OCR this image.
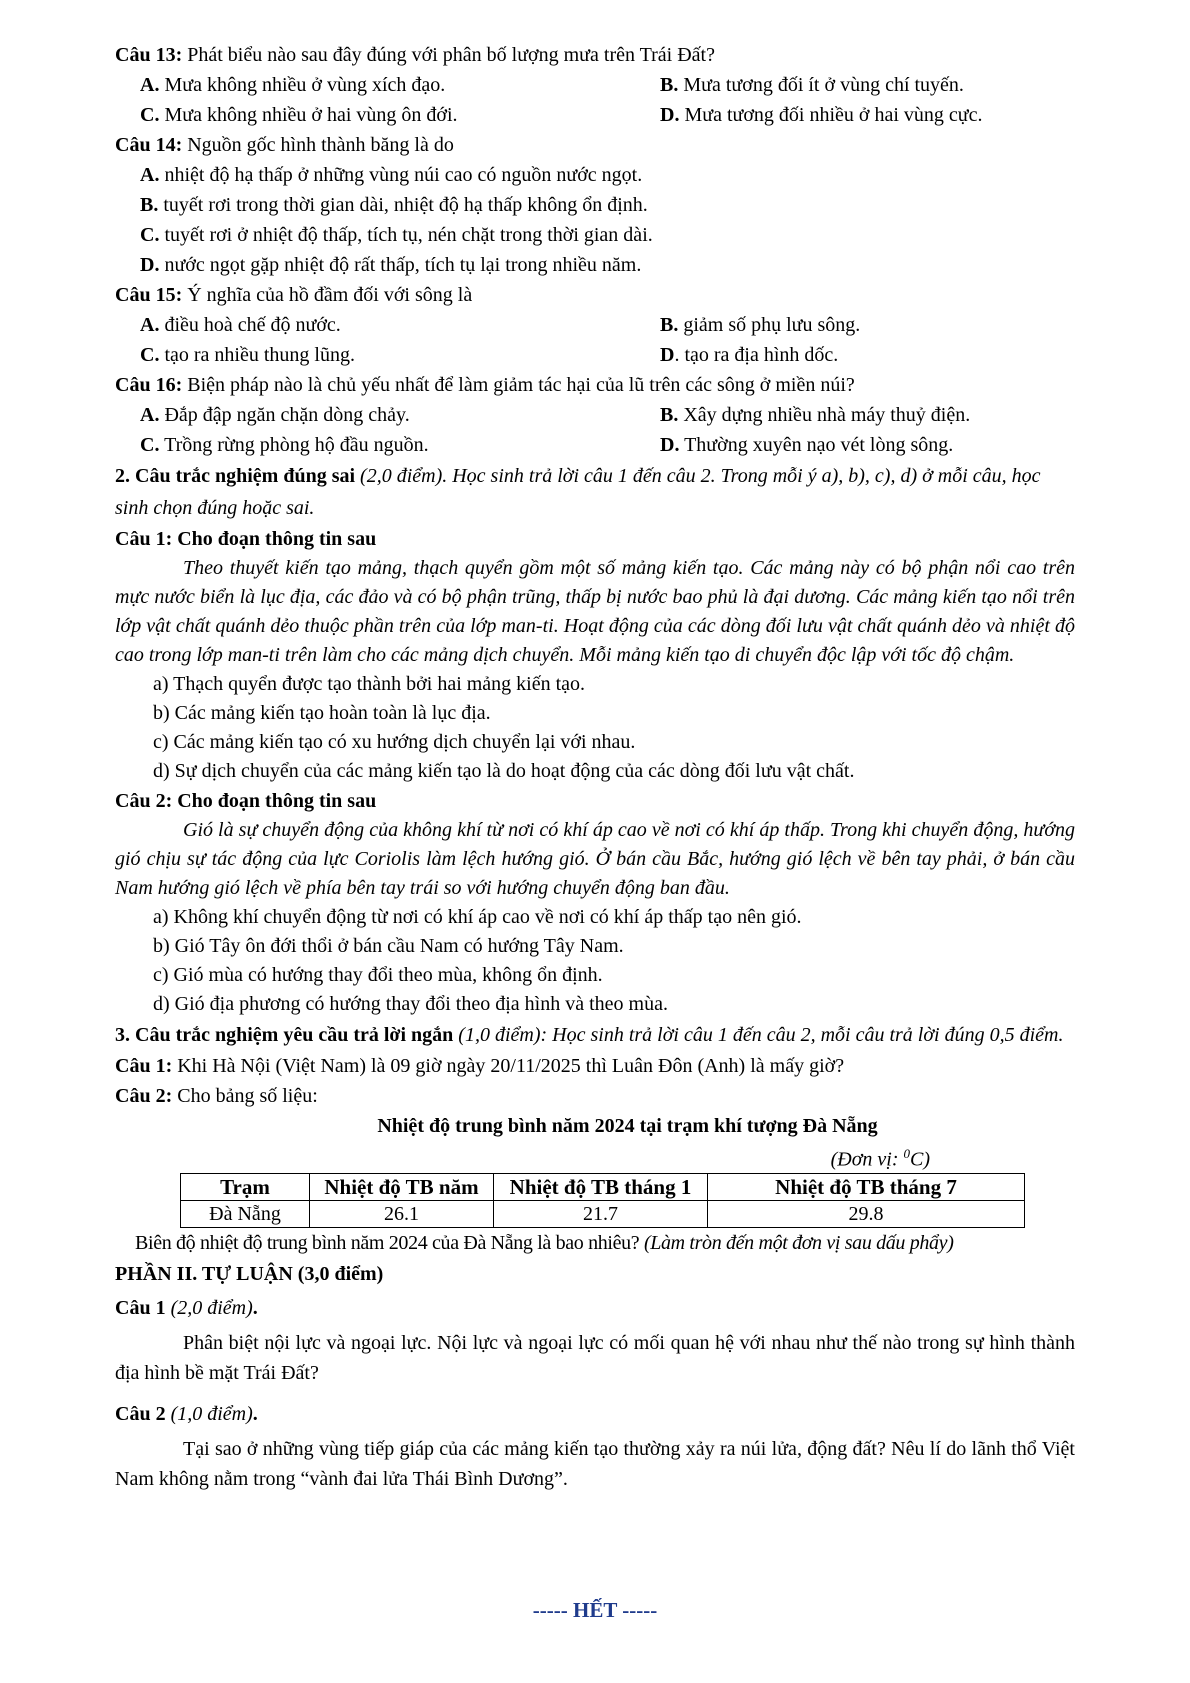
Câu 13: Phát biểu nào sau đây đúng với phân bố lượng mưa trên Trái Đất?
A. Mưa không nhiều ở vùng xích đạo.	B. Mưa tương đối ít ở vùng chí tuyến.
C. Mưa không nhiều ở hai vùng ôn đới.	D. Mưa tương đối nhiều ở hai vùng cực.
Câu 14: Nguồn gốc hình thành băng là do
A. nhiệt độ hạ thấp ở những vùng núi cao có nguồn nước ngọt.
B. tuyết rơi trong thời gian dài, nhiệt độ hạ thấp không ổn định.
C. tuyết rơi ở nhiệt độ thấp, tích tụ, nén chặt trong thời gian dài.
D. nước ngọt gặp nhiệt độ rất thấp, tích tụ lại trong nhiều năm.
Câu 15: Ý nghĩa của hồ đầm đối với sông là
A. điều hoà chế độ nước.	B. giảm số phụ lưu sông.
C. tạo ra nhiều thung lũng.	D. tạo ra địa hình dốc.
Câu 16: Biện pháp nào là chủ yếu nhất để làm giảm tác hại của lũ trên các sông ở miền núi?
A. Đắp đập ngăn chặn dòng chảy.	B. Xây dựng nhiều nhà máy thuỷ điện.
C. Trồng rừng phòng hộ đầu nguồn.	D. Thường xuyên nạo vét lòng sông.
2. Câu trắc nghiệm đúng sai (2,0 điểm). Học sinh trả lời câu 1 đến câu 2. Trong mỗi ý a), b), c), d) ở mỗi câu, học sinh chọn đúng hoặc sai.
Câu 1: Cho đoạn thông tin sau
Theo thuyết kiến tạo mảng, thạch quyển gồm một số mảng kiến tạo. Các mảng này có bộ phận nổi cao trên mực nước biển là lục địa, các đảo và có bộ phận trũng, thấp bị nước bao phủ là đại dương. Các mảng kiến tạo nổi trên lớp vật chất quánh dẻo thuộc phần trên của lớp man-ti. Hoạt động của các dòng đối lưu vật chất quánh dẻo và nhiệt độ cao trong lớp man-ti trên làm cho các mảng dịch chuyển. Mỗi mảng kiến tạo di chuyển độc lập với tốc độ chậm.
a) Thạch quyển được tạo thành bởi hai mảng kiến tạo.
b) Các mảng kiến tạo hoàn toàn là lục địa.
c) Các mảng kiến tạo có xu hướng dịch chuyển lại với nhau.
d) Sự dịch chuyển của các mảng kiến tạo là do hoạt động của các dòng đối lưu vật chất.
Câu 2: Cho đoạn thông tin sau
Gió là sự chuyển động của không khí từ nơi có khí áp cao về nơi có khí áp thấp. Trong khi chuyển động, hướng gió chịu sự tác động của lực Coriolis làm lệch hướng gió. Ở bán cầu Bắc, hướng gió lệch về bên tay phải, ở bán cầu Nam hướng gió lệch về phía bên tay trái so với hướng chuyển động ban đầu.
a) Không khí chuyển động từ nơi có khí áp cao về nơi có khí áp thấp tạo nên gió.
b) Gió Tây ôn đới thổi ở bán cầu Nam có hướng Tây Nam.
c) Gió mùa có hướng thay đổi theo mùa, không ổn định.
d) Gió địa phương có hướng thay đổi theo địa hình và theo mùa.
3. Câu trắc nghiệm yêu cầu trả lời ngắn (1,0 điểm): Học sinh trả lời câu 1 đến câu 2, mỗi câu trả lời đúng 0,5 điểm.
Câu 1: Khi Hà Nội (Việt Nam) là 09 giờ ngày 20/11/2025 thì Luân Đôn (Anh) là mấy giờ?
Câu 2: Cho bảng số liệu:
Nhiệt độ trung bình năm 2024 tại trạm khí tượng Đà Nẵng
(Đơn vị: $^0$C)
Trạm	Nhiệt độ TB năm	Nhiệt độ TB tháng 1	Nhiệt độ TB tháng 7
Đà Nẵng	26.1	21.7	29.8
Biên độ nhiệt độ trung bình năm 2024 của Đà Nẵng là bao nhiêu? (Làm tròn đến một đơn vị sau dấu phẩy)
PHẦN II. TỰ LUẬN (3,0 điểm)
Câu 1 (2,0 điểm).
Phân biệt nội lực và ngoại lực. Nội lực và ngoại lực có mối quan hệ với nhau như thế nào trong sự hình thành địa hình bề mặt Trái Đất?
Câu 2 (1,0 điểm).
Tại sao ở những vùng tiếp giáp của các mảng kiến tạo thường xảy ra núi lửa, động đất? Nêu lí do lãnh thổ Việt Nam không nằm trong “vành đai lửa Thái Bình Dương”.
----- HẾT -----
